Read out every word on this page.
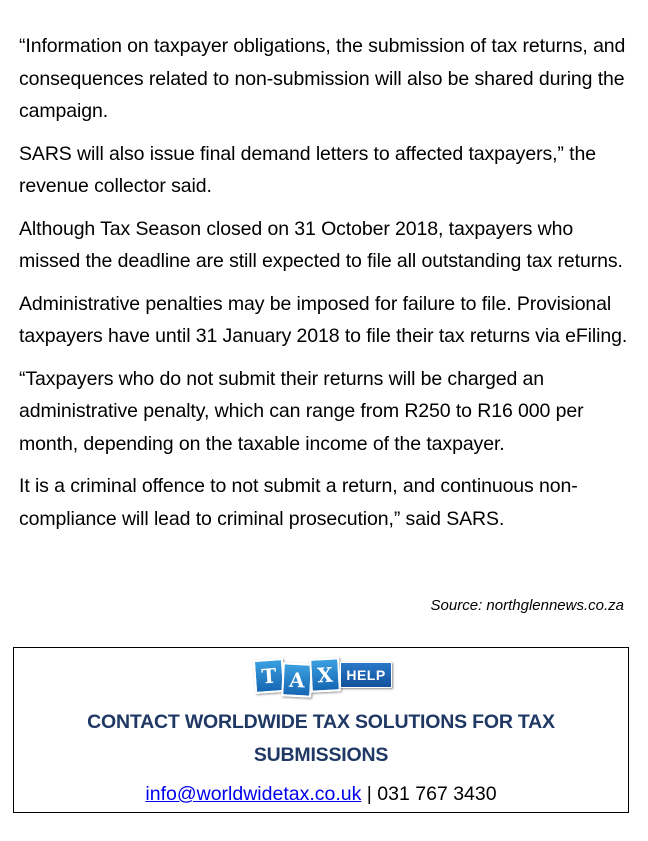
“Information on taxpayer obligations, the submission of tax returns, and consequences related to non-submission will also be shared during the campaign.

SARS will also issue final demand letters to affected taxpayers,” the revenue collector said.

Although Tax Season closed on 31 October 2018, taxpayers who missed the deadline are still expected to file all outstanding tax returns.

Administrative penalties may be imposed for failure to file. Provisional taxpayers have until 31 January 2018 to file their tax returns via eFiling.

“Taxpayers who do not submit their returns will be charged an administrative penalty, which can range from R250 to R16 000 per month, depending on the taxable income of the taxpayer.

It is a criminal offence to not submit a return, and continuous non-compliance will lead to criminal prosecution,” said SARS.

Source: northglennews.co.za
T A X HELP
CONTACT WORLDWIDE TAX SOLUTIONS FOR TAX
SUBMISSIONS
info@worldwidetax.co.uk | 031 767 3430
